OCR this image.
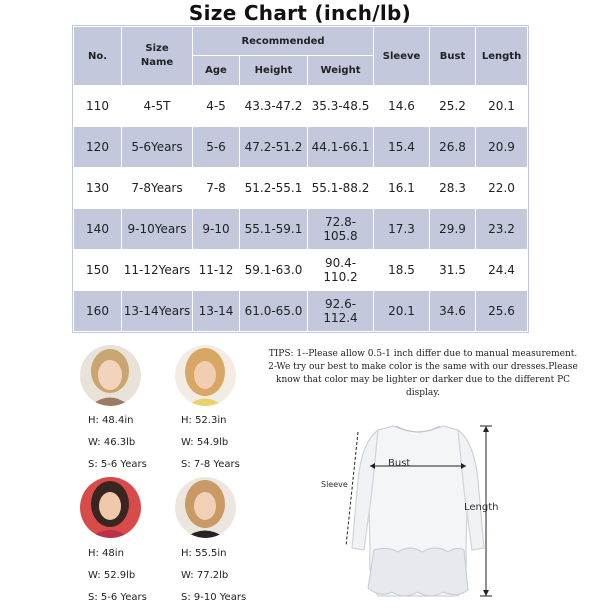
Size Chart (inch/lb)
No.	Size Name	Recommended			Sleeve	Bust	Length
		Age	Height	Weight			
110	4-5T	4-5	43.3-47.2	35.3-48.5	14.6	25.2	20.1
120	5-6Years	5-6	47.2-51.2	44.1-66.1	15.4	26.8	20.9
130	7-8Years	7-8	51.2-55.1	55.1-88.2	16.1	28.3	22.0
140	9-10Years	9-10	55.1-59.1	72.8-105.8	17.3	29.9	23.2
150	11-12Years	11-12	59.1-63.0	90.4-110.2	18.5	31.5	24.4
160	13-14Years	13-14	61.0-65.0	92.6-112.4	20.1	34.6	25.6
H: 48.4in
W: 46.3lb
S: 5-6 Years
H: 52.3in
W: 54.9lb
S: 7-8 Years
H: 48in
W: 52.9lb
S: 5-6 Years
H: 55.5in
W: 77.2lb
S: 9-10 Years
TIPS: 1--Please allow 0.5-1 inch differ due to manual measurement.
2-We try our best to make color is the same with our dresses.Please know that color may be lighter or darker due to the different PC display.
Bust
Sleeve
Length
